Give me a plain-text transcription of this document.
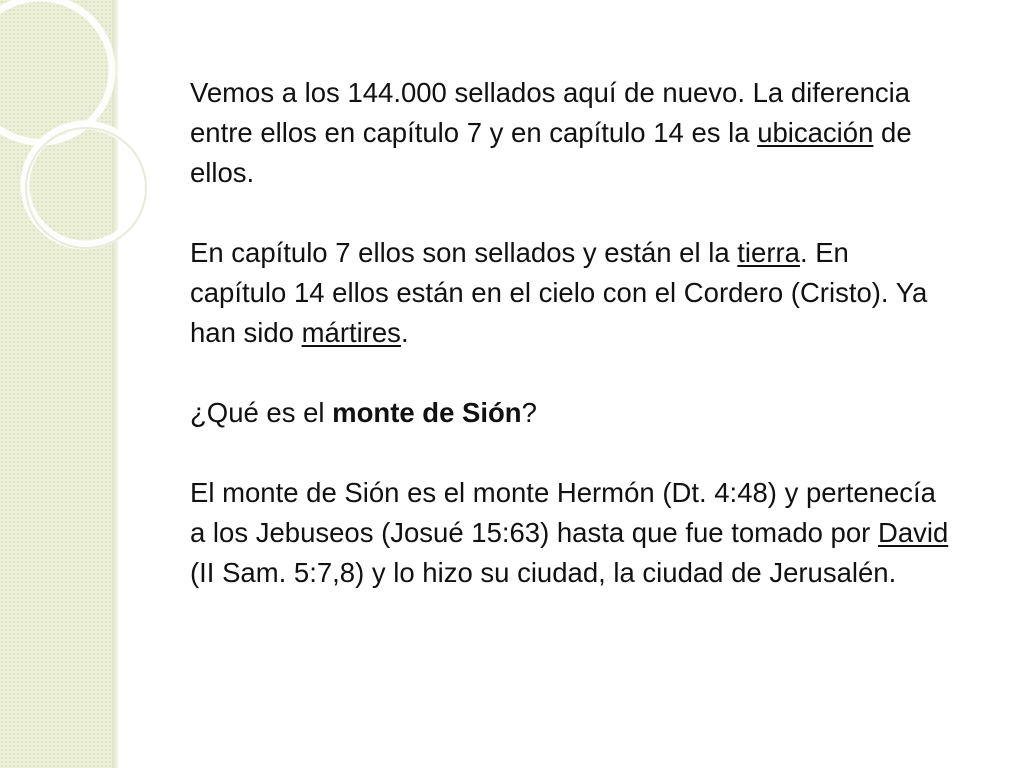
Vemos a los 144.000 sellados aquí de nuevo. La diferencia entre ellos en capítulo 7 y en capítulo 14 es la ubicación de ellos.

En capítulo 7 ellos son sellados y están el la tierra. En capítulo 14 ellos están en el cielo con el Cordero (Cristo). Ya han sido mártires.

¿Qué es el monte de Sión?

El monte de Sión es el monte Hermón (Dt. 4:48) y pertenecía a los Jebuseos (Josué 15:63) hasta que fue tomado por David (II Sam. 5:7,8) y lo hizo su ciudad, la ciudad de Jerusalén.
